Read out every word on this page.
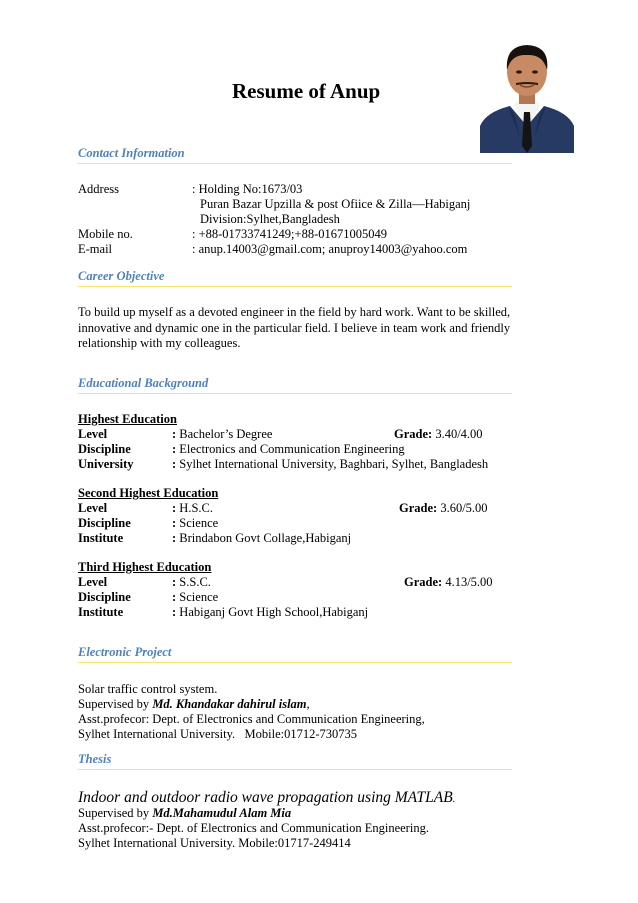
Resume of Anup
Contact Information
Address	: Holding No:1673/03
Puran Bazar Upzilla & post Ofiice & Zilla—Habiganj
Division:Sylhet,Bangladesh
Mobile no.	: +88-01733741249;+88-01671005049
E-mail	: anup.14003@gmail.com; anuproy14003@yahoo.com
Career Objective
To build up myself as a devoted engineer in the field by hard work. Want to be skilled, innovative and dynamic one in the particular field. I believe in team work and friendly relationship with my colleagues.
Educational Background
Highest Education
Level	: Bachelor’s Degree	Grade: 3.40/4.00
Discipline	: Electronics and Communication Engineering
University	: Sylhet International University, Baghbari, Sylhet, Bangladesh
Second Highest Education
Level	: H.S.C.	Grade: 3.60/5.00
Discipline	: Science
Institute	: Brindabon Govt Collage,Habiganj
Third Highest Education
Level	: S.S.C.	Grade: 4.13/5.00
Discipline	: Science
Institute	: Habiganj Govt High School,Habiganj
Electronic Project
Solar traffic control system.
Supervised by Md. Khandakar dahirul islam,
Asst.profecor: Dept. of Electronics and Communication Engineering,
Sylhet International University.   Mobile:01712-730735
Thesis
Indoor and outdoor radio wave propagation using MATLAB.
Supervised by Md.Mahamudul Alam Mia
Asst.profecor:- Dept. of Electronics and Communication Engineering.
Sylhet International University. Mobile:01717-249414
